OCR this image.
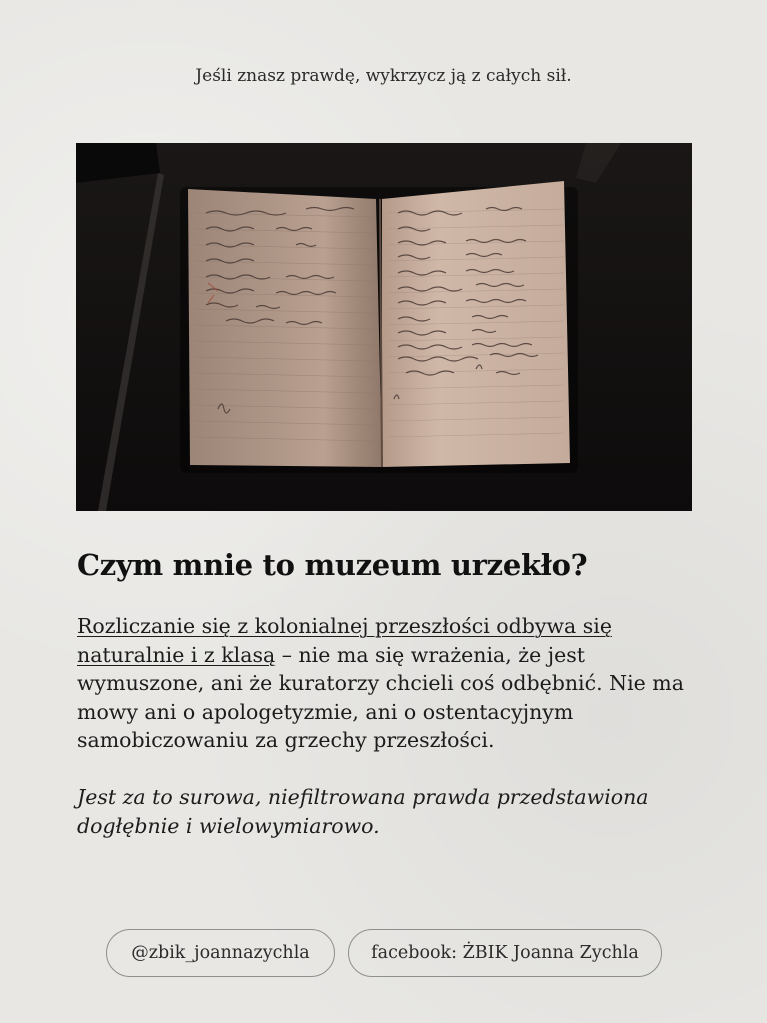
Jeśli znasz prawdę, wykrzycz ją z całych sił.
Czym mnie to muzeum urzekło?

Rozliczanie się z kolonialnej przeszłości odbywa się naturalnie i z klasą – nie ma się wrażenia, że jest wymuszone, ani że kuratorzy chcieli coś odbębnić. Nie ma mowy ani o apologetyzmie, ani o ostentacyjnym samobiczowaniu za grzechy przeszłości.

Jest za to surowa, niefiltrowana prawda przedstawiona dogłębnie i wielowymiarowo.

@zbik_joannazychla	facebook: ŻBIK Joanna Zychla
